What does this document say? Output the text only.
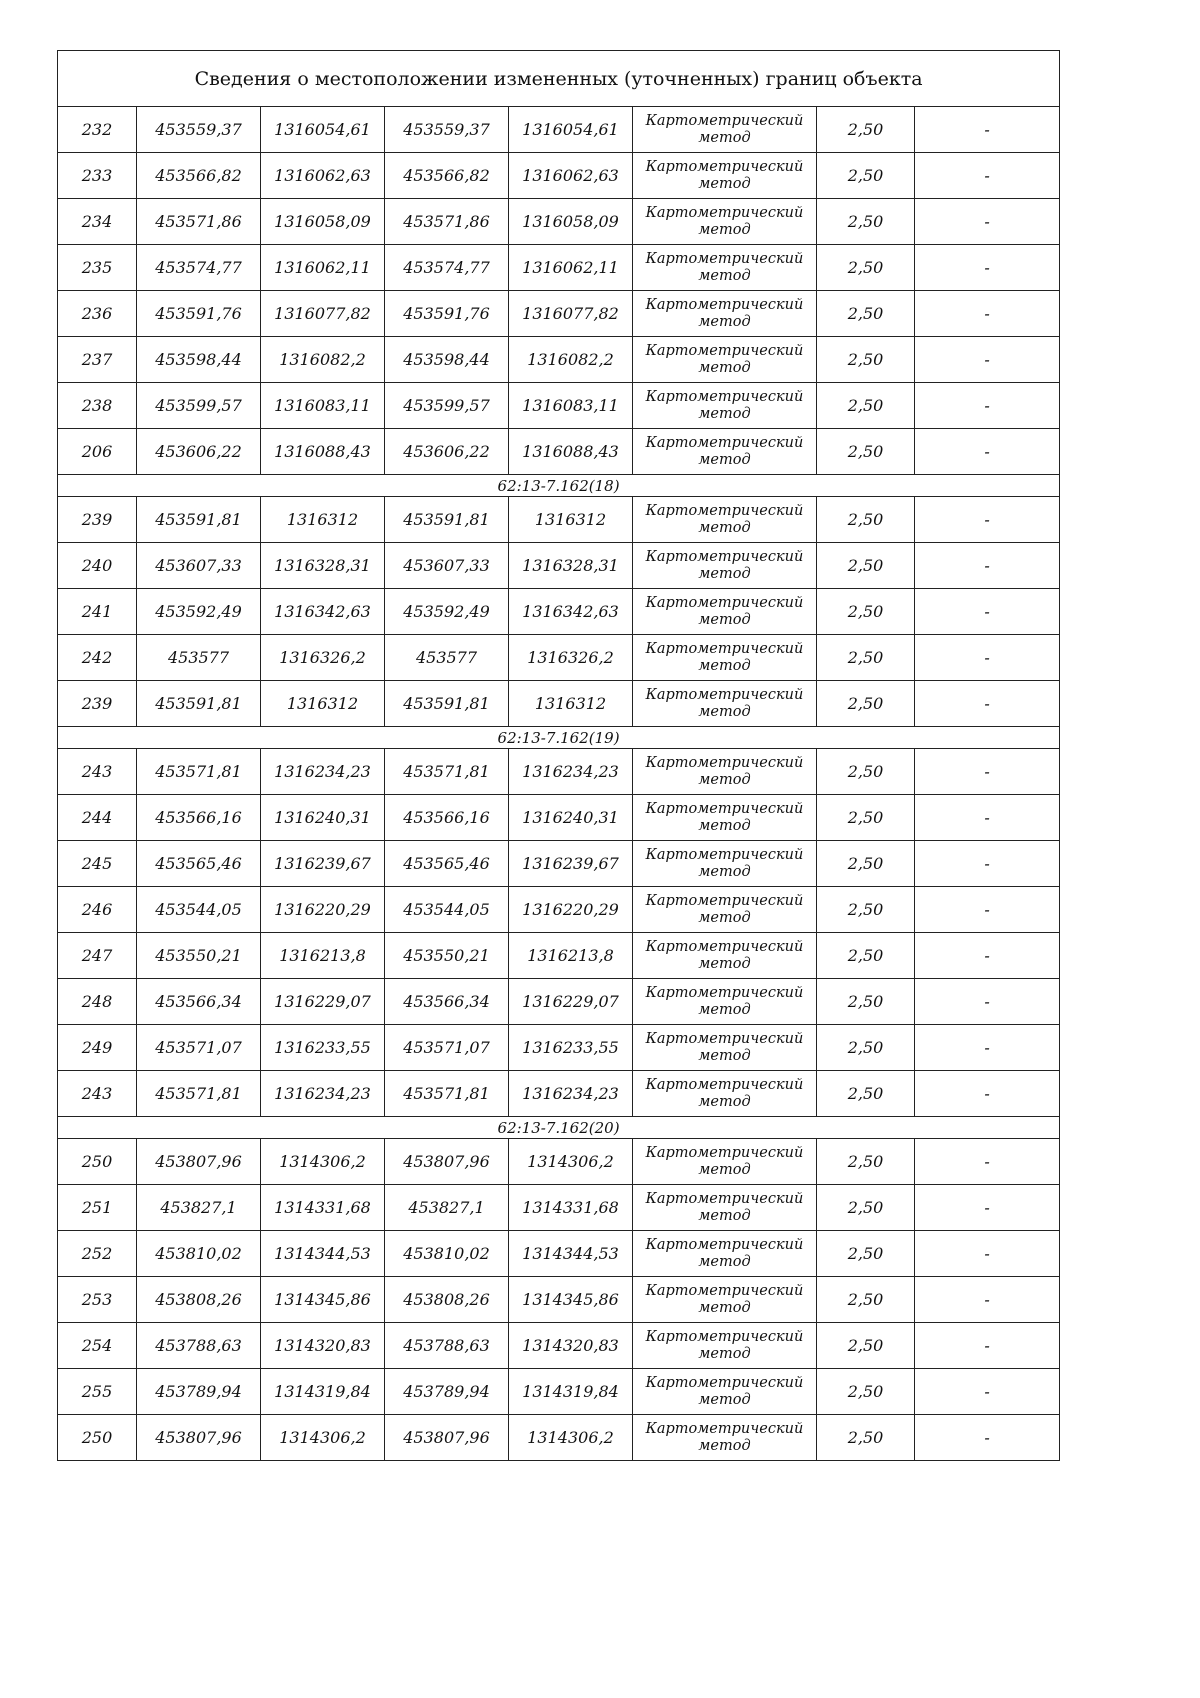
Сведения о местоположении измененных (уточненных) границ объекта							
232	453559,37	1316054,61	453559,37	1316054,61	Картометрический метод	2,50	-
233	453566,82	1316062,63	453566,82	1316062,63	Картометрический метод	2,50	-
234	453571,86	1316058,09	453571,86	1316058,09	Картометрический метод	2,50	-
235	453574,77	1316062,11	453574,77	1316062,11	Картометрический метод	2,50	-
236	453591,76	1316077,82	453591,76	1316077,82	Картометрический метод	2,50	-
237	453598,44	1316082,2	453598,44	1316082,2	Картометрический метод	2,50	-
238	453599,57	1316083,11	453599,57	1316083,11	Картометрический метод	2,50	-
206	453606,22	1316088,43	453606,22	1316088,43	Картометрический метод	2,50	-
62:13-7.162(18)							
239	453591,81	1316312	453591,81	1316312	Картометрический метод	2,50	-
240	453607,33	1316328,31	453607,33	1316328,31	Картометрический метод	2,50	-
241	453592,49	1316342,63	453592,49	1316342,63	Картометрический метод	2,50	-
242	453577	1316326,2	453577	1316326,2	Картометрический метод	2,50	-
239	453591,81	1316312	453591,81	1316312	Картометрический метод	2,50	-
62:13-7.162(19)							
243	453571,81	1316234,23	453571,81	1316234,23	Картометрический метод	2,50	-
244	453566,16	1316240,31	453566,16	1316240,31	Картометрический метод	2,50	-
245	453565,46	1316239,67	453565,46	1316239,67	Картометрический метод	2,50	-
246	453544,05	1316220,29	453544,05	1316220,29	Картометрический метод	2,50	-
247	453550,21	1316213,8	453550,21	1316213,8	Картометрический метод	2,50	-
248	453566,34	1316229,07	453566,34	1316229,07	Картометрический метод	2,50	-
249	453571,07	1316233,55	453571,07	1316233,55	Картометрический метод	2,50	-
243	453571,81	1316234,23	453571,81	1316234,23	Картометрический метод	2,50	-
62:13-7.162(20)							
250	453807,96	1314306,2	453807,96	1314306,2	Картометрический метод	2,50	-
251	453827,1	1314331,68	453827,1	1314331,68	Картометрический метод	2,50	-
252	453810,02	1314344,53	453810,02	1314344,53	Картометрический метод	2,50	-
253	453808,26	1314345,86	453808,26	1314345,86	Картометрический метод	2,50	-
254	453788,63	1314320,83	453788,63	1314320,83	Картометрический метод	2,50	-
255	453789,94	1314319,84	453789,94	1314319,84	Картометрический метод	2,50	-
250	453807,96	1314306,2	453807,96	1314306,2	Картометрический метод	2,50	-
